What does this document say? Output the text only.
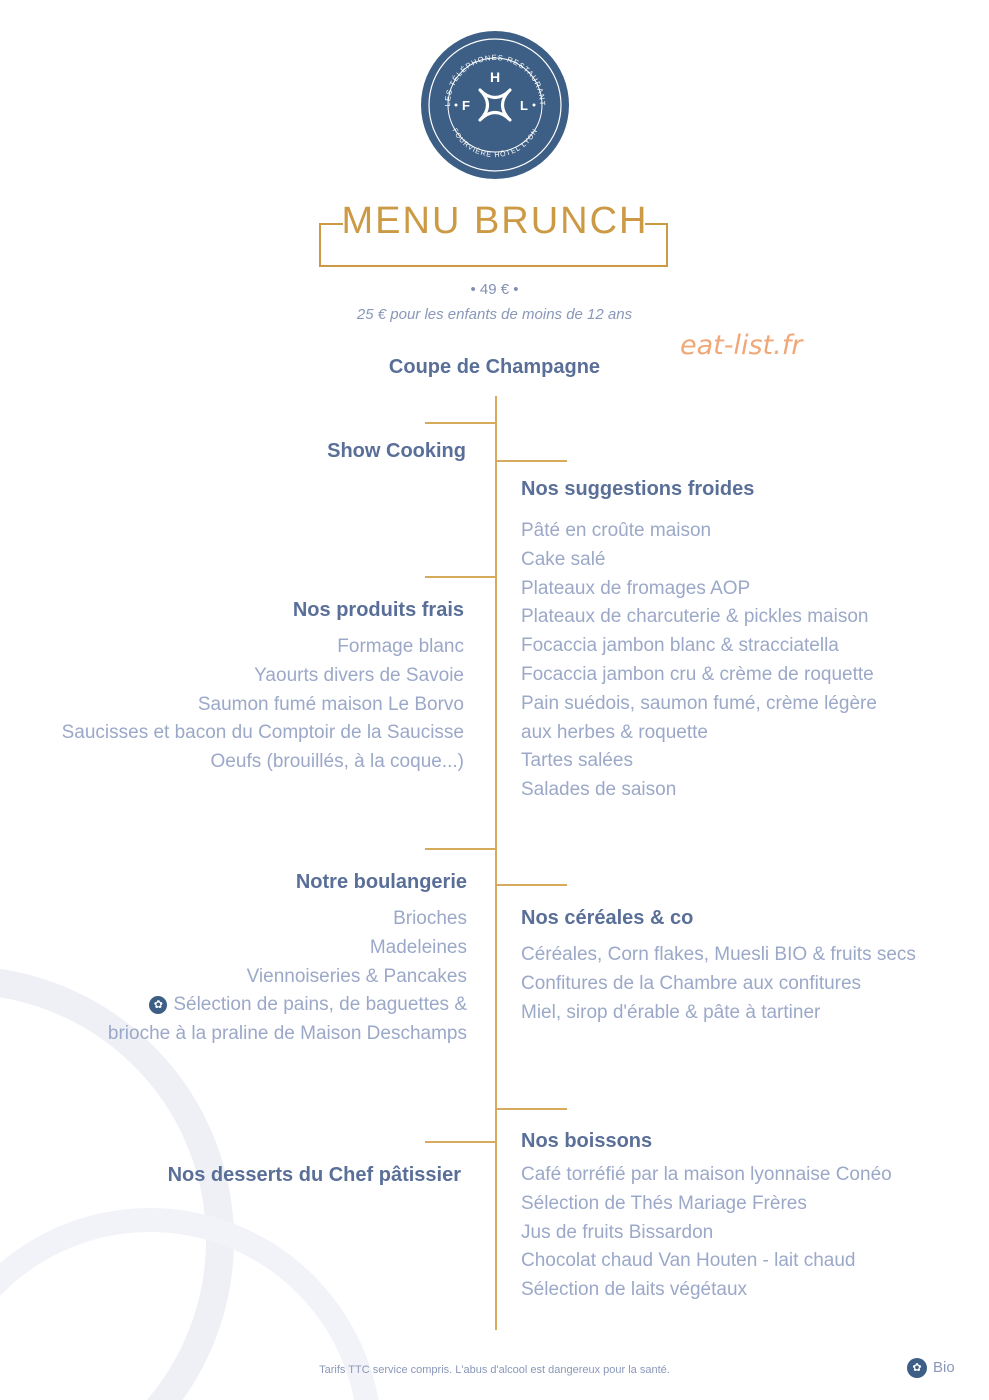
LES TÉLÉPHONES RESTAURANT
FOURVIÈRE HÔTEL LYON
H
F	L
MENU BRUNCH
• 49 € •
25 € pour les enfants de moins de 12 ans
eat-list.fr
Coupe de Champagne
Show Cooking
Nos produits frais
Formage blanc
Yaourts divers de Savoie
Saumon fumé maison Le Borvo
Saucisses et bacon du Comptoir de la Saucisse
Oeufs (brouillés, à la coque...)
Notre boulangerie
Brioches
Madeleines
Viennoiseries & Pancakes
✿ Sélection de pains, de baguettes &
brioche à la praline de Maison Deschamps
Nos desserts du Chef pâtissier
Nos suggestions froides
Pâté en croûte maison
Cake salé
Plateaux de fromages AOP
Plateaux de charcuterie & pickles maison
Focaccia jambon blanc & stracciatella
Focaccia jambon cru & crème de roquette
Pain suédois, saumon fumé, crème légère
aux herbes & roquette
Tartes salées
Salades de saison
Nos céréales & co
Céréales, Corn flakes, Muesli BIO & fruits secs
Confitures de la Chambre aux confitures
Miel, sirop d'érable & pâte à tartiner
Nos boissons
Café torréfié par la maison lyonnaise Conéo
Sélection de Thés Mariage Frères
Jus de fruits Bissardon
Chocolat chaud Van Houten - lait chaud
Sélection de laits végétaux
Tarifs TTC service compris. L'abus d'alcool est dangereux pour la santé.	✿ Bio
